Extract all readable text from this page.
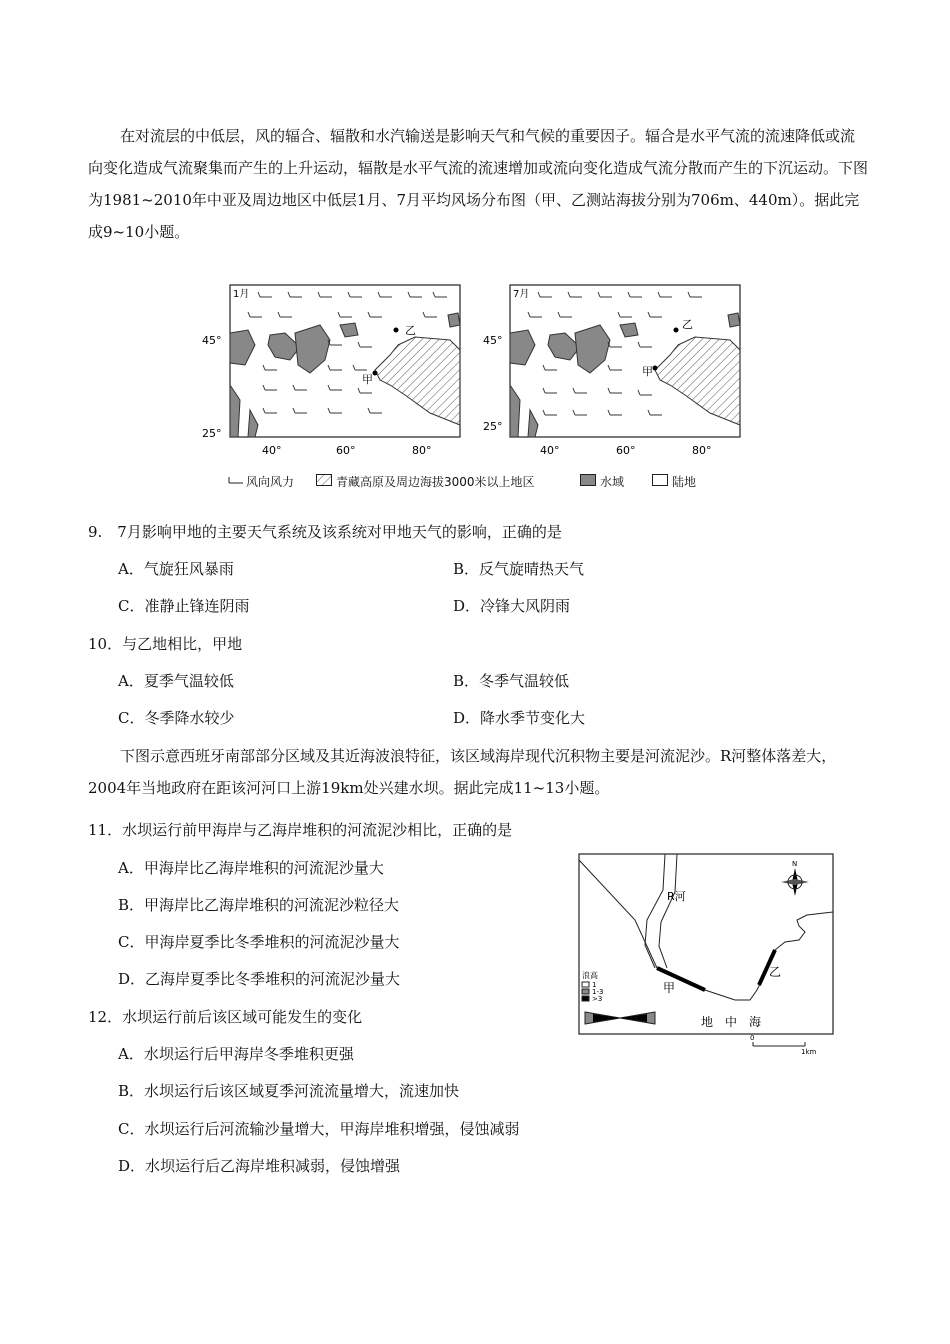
在对流层的中低层，风的辐合、辐散和水汽输送是影响天气和气候的重要因子。辐合是水平气流的流速降低或流向变化造成气流聚集而产生的上升运动，辐散是水平气流的流速增加或流向变化造成气流分散而产生的下沉运动。下图为1981~2010年中亚及周边地区中低层1月、7月平均风场分布图（甲、乙测站海拔分别为706m、440m）。据此完成9~10小题。

乙
甲
1月
45°
25°
40°	60°	80°
乙
甲
7月
45°
25°
40°	60°	80°
风向风力	青藏高原及周边海拔3000米以上地区	水域	陆地
9.　7月影响甲地的主要天气系统及该系统对甲地天气的影响，正确的是
A．气旋狂风暴雨	B．反气旋晴热天气
C．准静止锋连阴雨	D．冷锋大风阴雨
10．与乙地相比，甲地
A．夏季气温较低	B．冬季气温较低
C．冬季降水较少	D．降水季节变化大

下图示意西班牙南部部分区域及其近海波浪特征，该区域海岸现代沉积物主要是河流泥沙。R河整体落差大，2004年当地政府在距该河河口上游19km处兴建水坝。据此完成11~13小题。

11．水坝运行前甲海岸与乙海岸堆积的河流泥沙相比，正确的是
A．甲海岸比乙海岸堆积的河流泥沙量大
B．甲海岸比乙海岸堆积的河流泥沙粒径大
C．甲海岸夏季比冬季堆积的河流泥沙量大
D．乙海岸夏季比冬季堆积的河流泥沙量大
12．水坝运行前后该区域可能发生的变化
A．水坝运行后甲海岸冬季堆积更强
B．水坝运行后该区域夏季河流流量增大，流速加快
C．水坝运行后河流输沙量增大，甲海岸堆积增强，侵蚀减弱
D．水坝运行后乙海岸堆积减弱，侵蚀增强
R河
甲
乙
地　中　海
N
浪高
1
1-3
>3
0
1km
